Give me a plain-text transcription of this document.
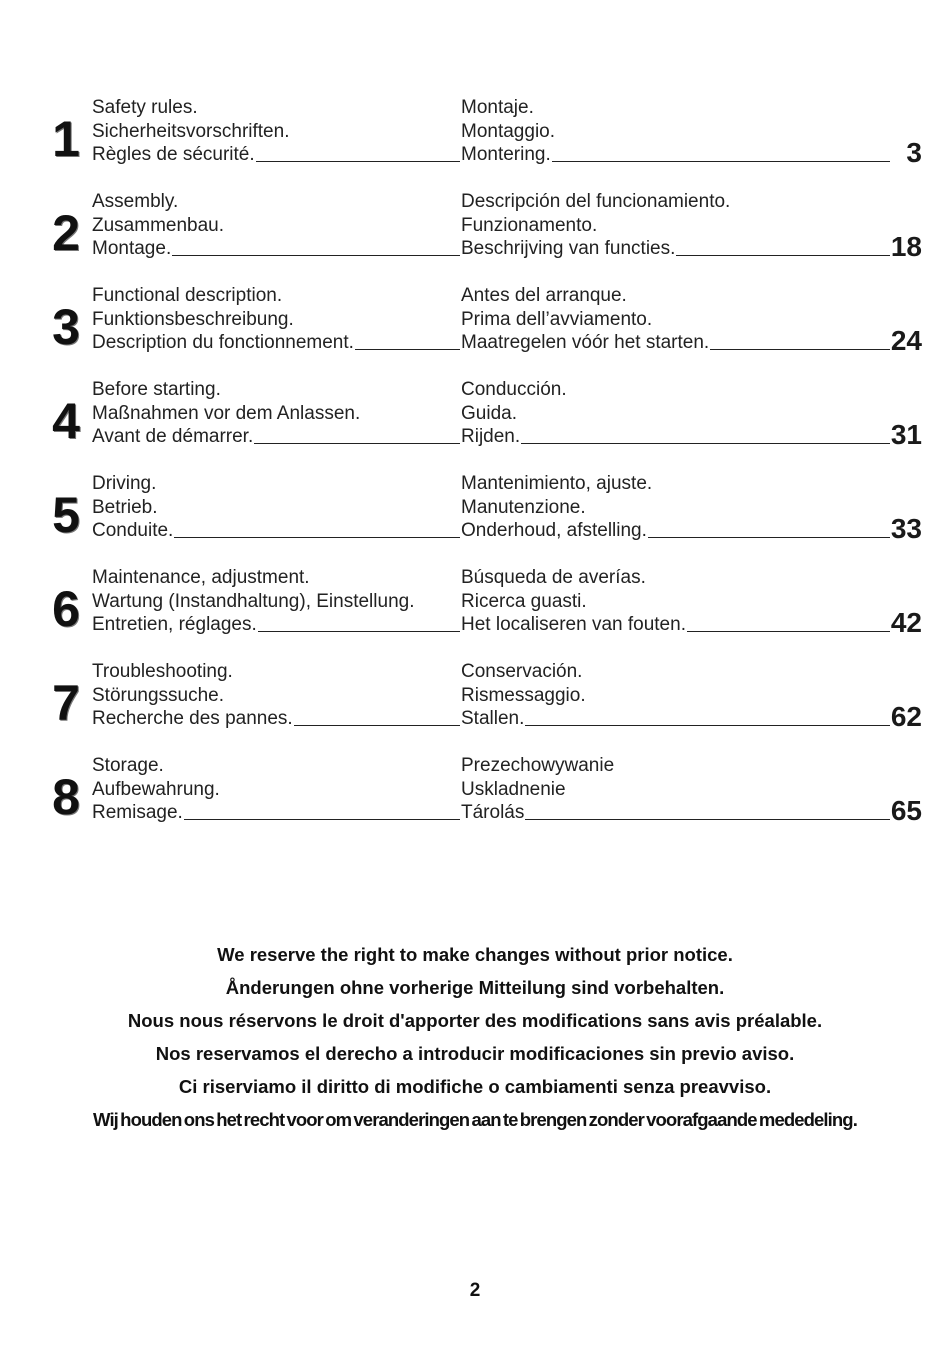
1
Safety rules.
Sicherheitsvorschriften.
Règles de sécurité.
Montaje.
Montaggio.
Montering.	3
2
Assembly.
Zusammenbau.
Montage.
Descripción del funcionamiento.
Funzionamento.
Beschrijving van functies.	18
3
Functional description.
Funktionsbeschreibung.
Description du fonctionnement.
Antes del arranque.
Prima dell’avviamento.
Maatregelen vóór het starten.	24
4
Before starting.
Maßnahmen vor dem Anlassen.
Avant de démarrer.
Conducción.
Guida.
Rijden.	31
5
Driving.
Betrieb.
Conduite.
Mantenimiento, ajuste.
Manutenzione.
Onderhoud, afstelling.	33
6
Maintenance, adjustment.
Wartung (Instandhaltung), Einstellung.
Entretien, réglages.
Búsqueda de averías.
Ricerca guasti.
Het localiseren van fouten.	42
7
Troubleshooting.
Störungssuche.
Recherche des pannes.
Conservación.
Rismessaggio.
Stallen.	62
8
Storage.
Aufbewahrung.
Remisage.
Prezechowywanie
Uskladnenie
Tárolás	65
We reserve the right to make changes without prior notice.
Ånderungen ohne vorherige Mitteilung sind vorbehalten.
Nous nous réservons le droit d'apporter des modifications sans avis préalable.
Nos reservamos el derecho a introducir modificaciones sin previo aviso.
Ci riserviamo il diritto di modifiche o cambiamenti senza preavviso.
Wij houden ons het recht voor om veranderingen aan te brengen zonder voorafgaande mededeling.
2
